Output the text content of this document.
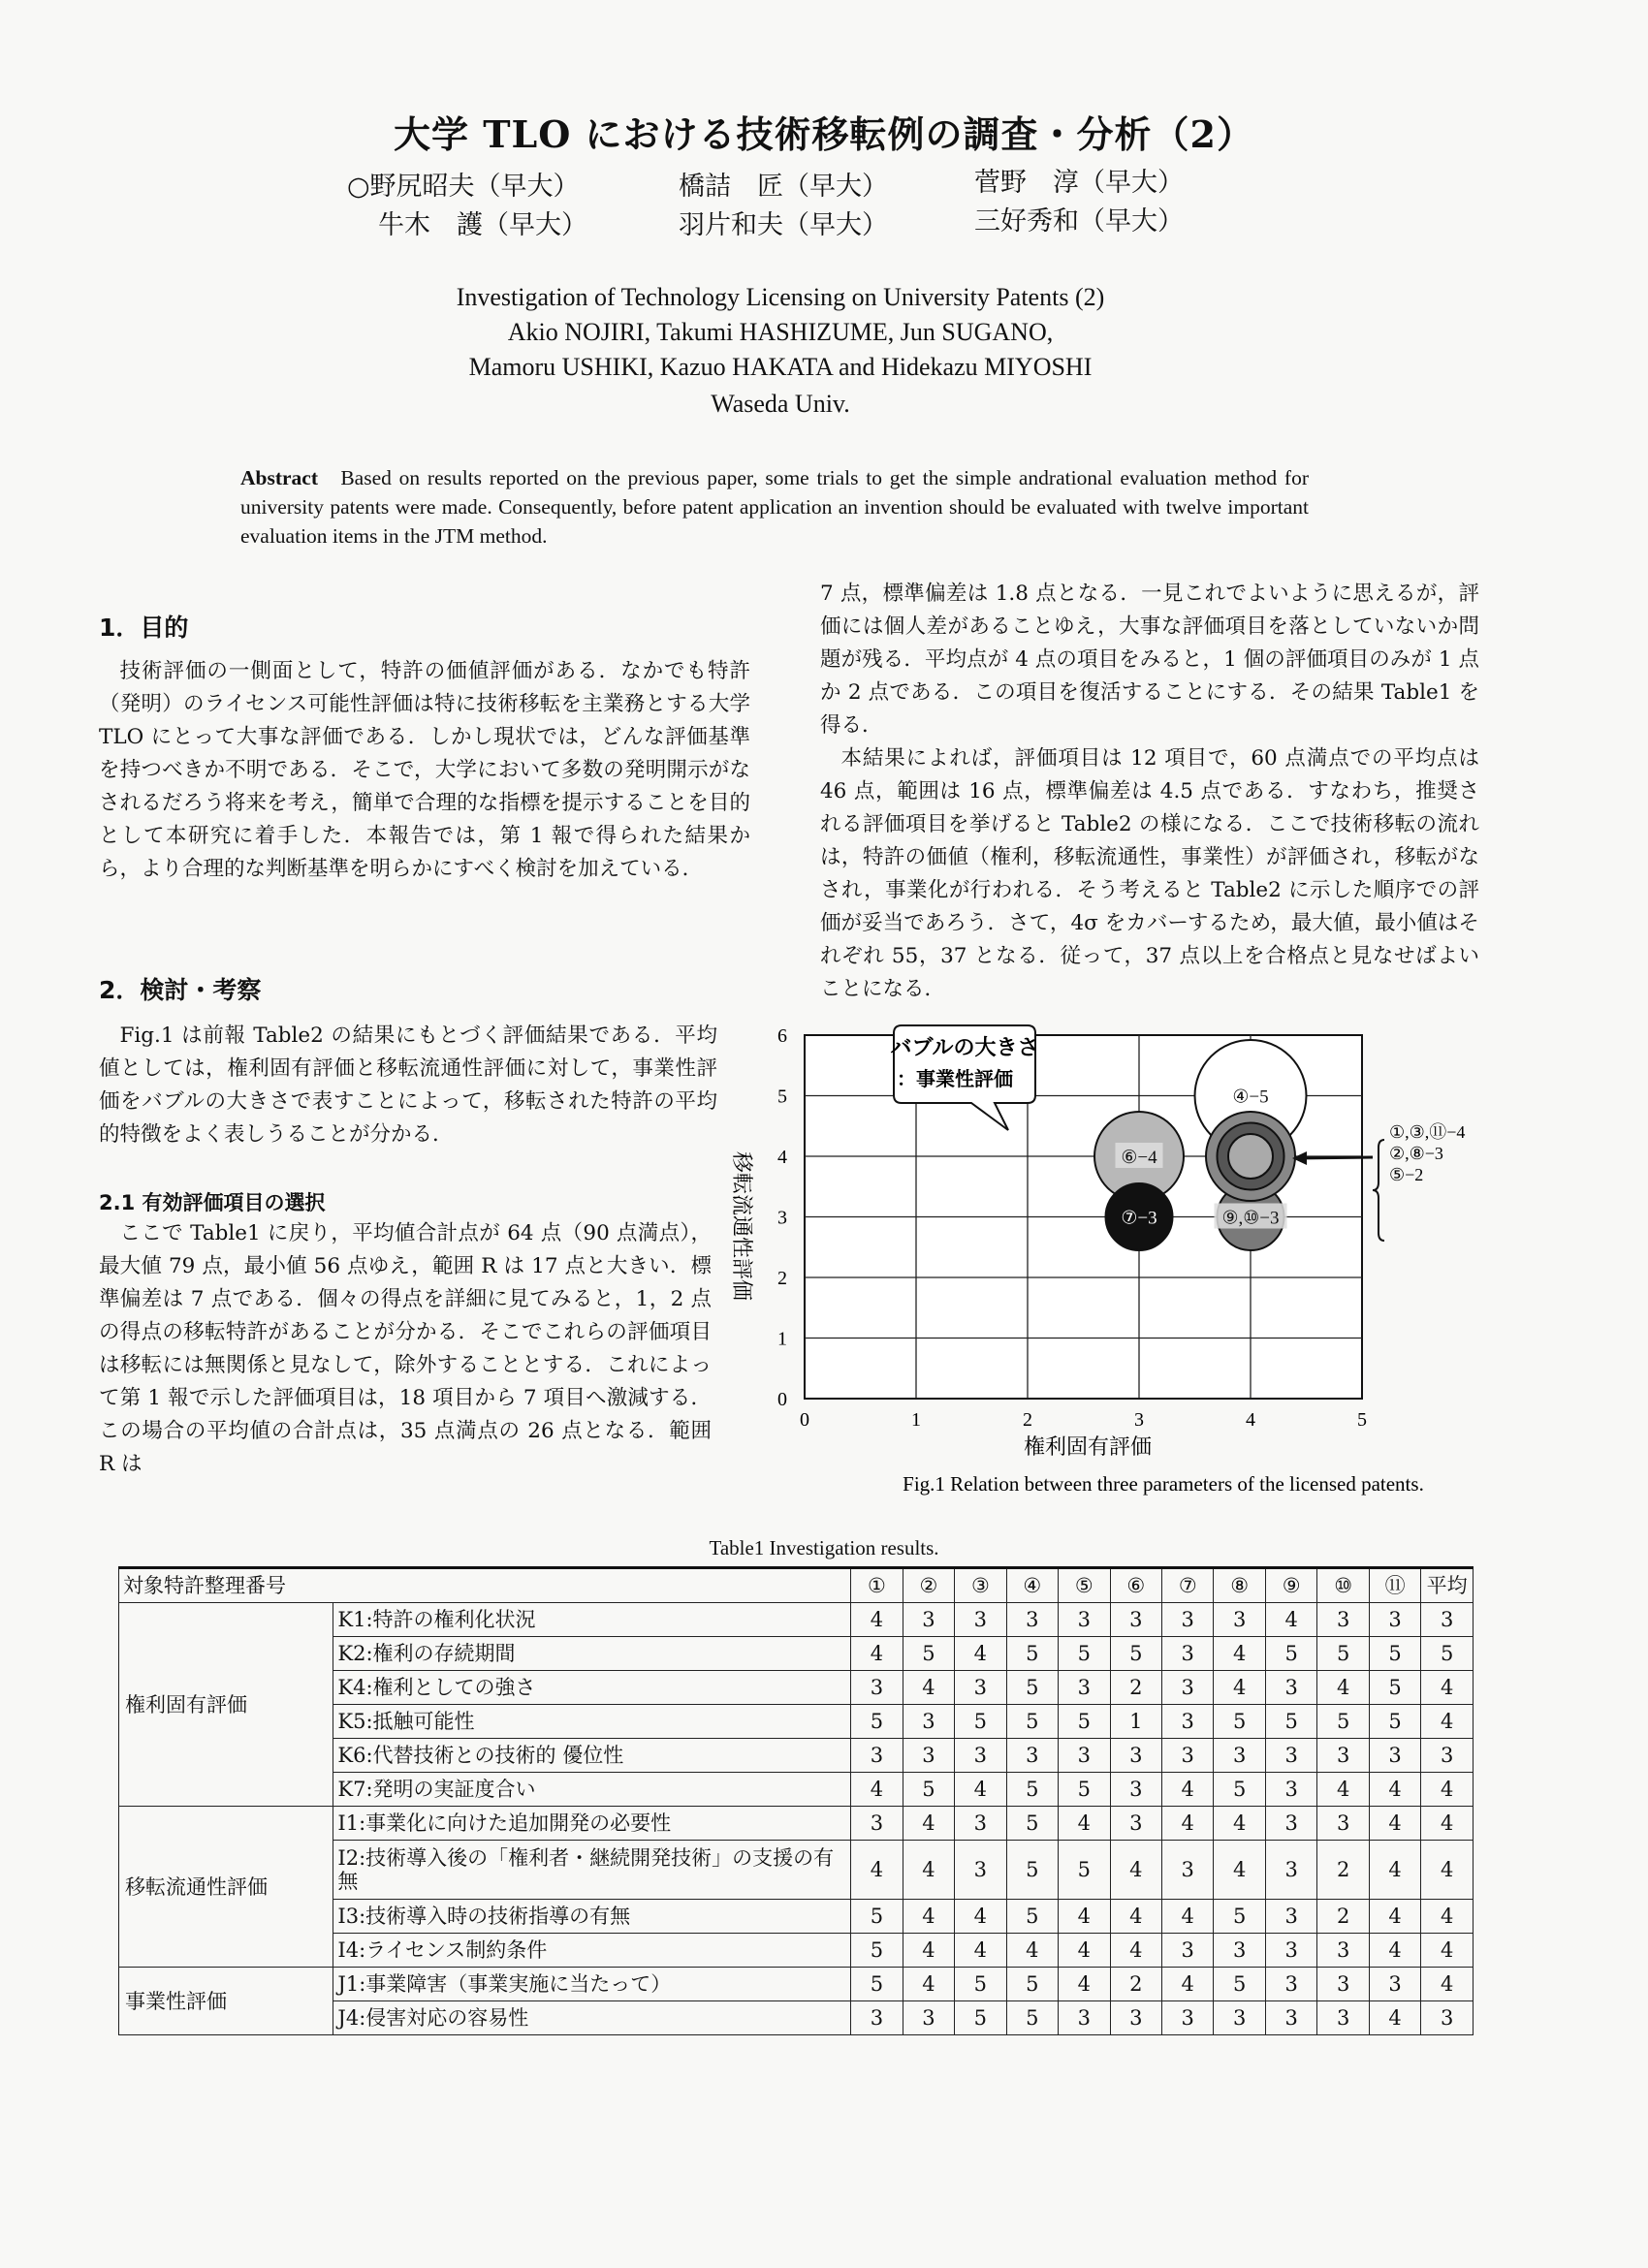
大学 TLO における技術移転例の調査・分析（2）
○野尻昭夫（早大）	橋詰　匠（早大）	菅野　淳（早大）
牛木　護（早大）	羽片和夫（早大）	三好秀和（早大）
Investigation of Technology Licensing on University Patents (2)
Akio NOJIRI, Takumi HASHIZUME, Jun SUGANO,
Mamoru USHIKI, Kazuo HAKATA and Hidekazu MIYOSHI
Waseda Univ.
Abstract Based on results reported on the previous paper, some trials to get the simple andrational evaluation method for university patents were made. Consequently, before patent application an invention should be evaluated with twelve important evaluation items in the JTM method.
1．目的
技術評価の一側面として，特許の価値評価がある．なかでも特許（発明）のライセンス可能性評価は特に技術移転を主業務とする大学 TLO にとって大事な評価である．しかし現状では，どんな評価基準を持つべきか不明である．そこで，大学において多数の発明開示がなされるだろう将来を考え，簡単で合理的な指標を提示することを目的として本研究に着手した．本報告では，第 1 報で得られた結果から，より合理的な判断基準を明らかにすべく検討を加えている．
2．検討・考察
Fig.1 は前報 Table2 の結果にもとづく評価結果である．平均値としては，権利固有評価と移転流通性評価に対して，事業性評価をバブルの大きさで表すことによって，移転された特許の平均的特徴をよく表しうることが分かる．
2.1 有効評価項目の選択
ここで Table1 に戻り，平均値合計点が 64 点（90 点満点），最大値 79 点，最小値 56 点ゆえ，範囲 R は 17 点と大きい．標準偏差は 7 点である．個々の得点を詳細に見てみると，1，2 点の得点の移転特許があることが分かる．そこでこれらの評価項目は移転には無関係と見なして，除外することとする．これによって第 1 報で示した評価項目は，18 項目から 7 項目へ激減する．この場合の平均値の合計点は，35 点満点の 26 点となる．範囲 R は
7 点，標準偏差は 1.8 点となる．一見これでよいように思えるが，評価には個人差があることゆえ，大事な評価項目を落としていないか問題が残る．平均点が 4 点の項目をみると，1 個の評価項目のみが 1 点か 2 点である．この項目を復活することにする．その結果 Table1 を得る．
本結果によれば，評価項目は 12 項目で，60 点満点での平均点は 46 点，範囲は 16 点，標準偏差は 4.5 点である．すなわち，推奨される評価項目を挙げると Table2 の様になる．ここで技術移転の流れは，特許の価値（権利，移転流通性，事業性）が評価され，移転がなされ，事業化が行われる．そう考えると Table2 に示した順序での評価が妥当であろう．さて，4σ をカバーするため，最大値，最小値はそれぞれ 55，37 となる．従って，37 点以上を合格点と見なせばよいことになる．
④−5
⑥−4
⑦−3	⑨,⑩−3
0	1	2	3	4	5
0
1
2
3
4
5
6
権利固有評価
移転流通性評価
バブルの大きさ
：事業性評価
①,③,⑪−4
②,⑧−3
⑤−2
Fig.1 Relation between three parameters of the licensed patents.
Table1 Investigation results.
対象特許整理番号		①	②	③	④	⑤	⑥	⑦	⑧	⑨	⑩	⑪	平均
権利固有評価	K1:特許の権利化状況	4	3	3	3	3	3	3	3	4	3	3	3
	K2:権利の存続期間	4	5	4	5	5	5	3	4	5	5	5	5
	K4:権利としての強さ	3	4	3	5	3	2	3	4	3	4	5	4
	K5:抵触可能性	5	3	5	5	5	1	3	5	5	5	5	4
	K6:代替技術との技術的 優位性	3	3	3	3	3	3	3	3	3	3	3	3
	K7:発明の実証度合い	4	5	4	5	5	3	4	5	3	4	4	4
移転流通性評価	I1:事業化に向けた追加開発の必要性	3	4	3	5	4	3	4	4	3	3	4	4
	I2:技術導入後の「権利者・継続開発技術」の支援の有無	4	4	3	5	5	4	3	4	3	2	4	4
	I3:技術導入時の技術指導の有無	5	4	4	5	4	4	4	5	3	2	4	4
	I4:ライセンス制約条件	5	4	4	4	4	4	3	3	3	3	4	4
事業性評価	J1:事業障害（事業実施に当たって）	5	4	5	5	4	2	4	5	3	3	3	4
	J4:侵害対応の容易性	3	3	5	5	3	3	3	3	3	3	4	3
